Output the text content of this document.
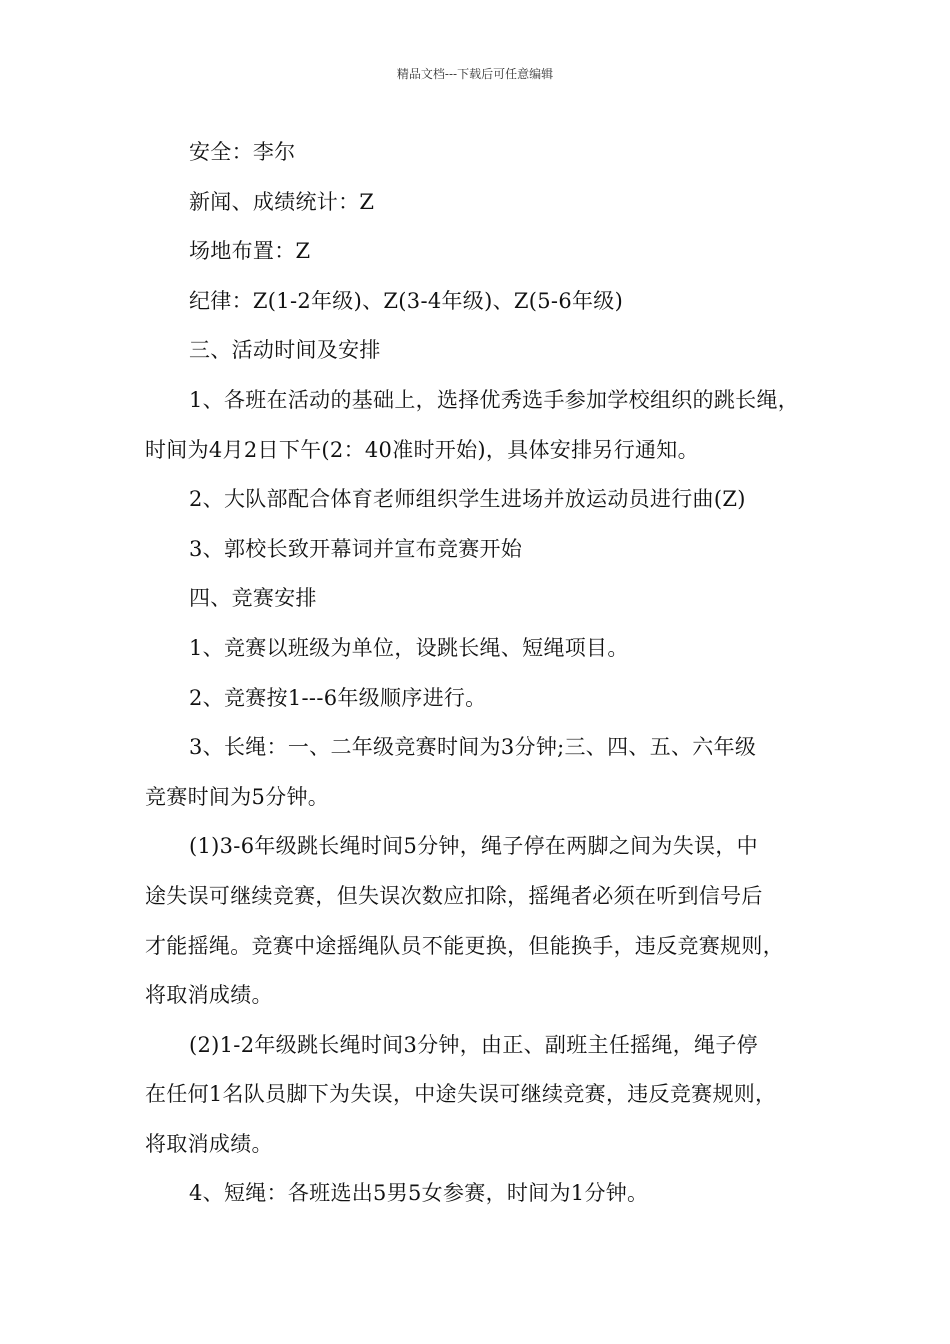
精品文档---下载后可任意编辑

安全：李尔

新闻、成绩统计：Z

场地布置：Z

纪律：Z(1-2年级)、Z(3-4年级)、Z(5-6年级)

三、活动时间及安排

1、各班在活动的基础上，选择优秀选手参加学校组织的跳长绳，

时间为4月2日下午(2：40准时开始)，具体安排另行通知。

2、大队部配合体育老师组织学生进场并放运动员进行曲(Z)

3、郭校长致开幕词并宣布竞赛开始

四、竞赛安排

1、竞赛以班级为单位，设跳长绳、短绳项目。

2、竞赛按1---6年级顺序进行。

3、长绳：一、二年级竞赛时间为3分钟;三、四、五、六年级

竞赛时间为5分钟。

(1)3-6年级跳长绳时间5分钟，绳子停在两脚之间为失误，中

途失误可继续竞赛，但失误次数应扣除，摇绳者必须在听到信号后

才能摇绳。竞赛中途摇绳队员不能更换，但能换手，违反竞赛规则，

将取消成绩。

(2)1-2年级跳长绳时间3分钟，由正、副班主任摇绳，绳子停

在任何1名队员脚下为失误，中途失误可继续竞赛，违反竞赛规则，

将取消成绩。

4、短绳：各班选出5男5女参赛，时间为1分钟。
